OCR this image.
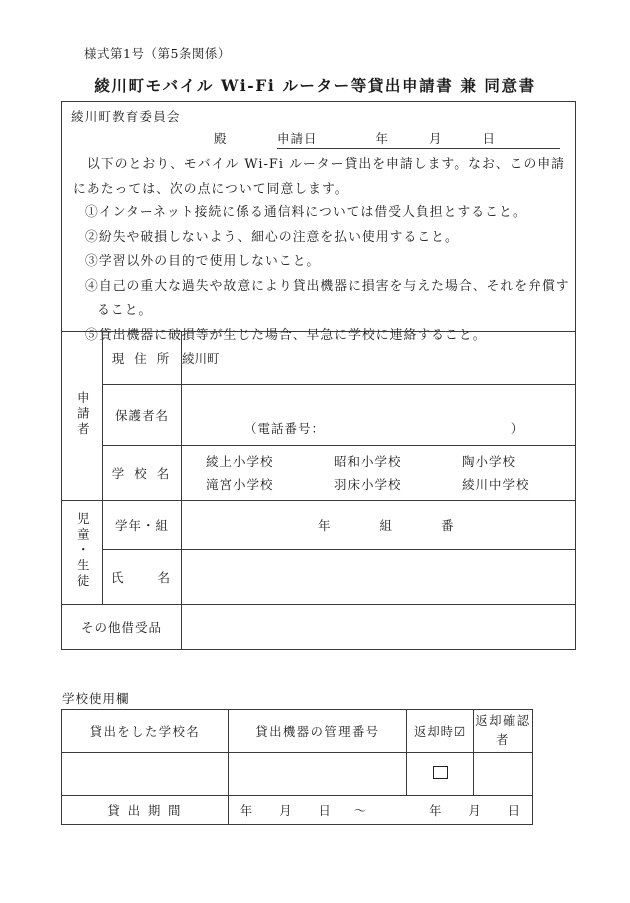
様式第1号（第5条関係）
綾川町モバイル Wi-Fi ルーター等貸出申請書 兼 同意書
綾川町教育委員会
殿	申請日	年	月	日
以下のとおり、モバイル Wi-Fi ルーター貸出を申請します。なお、この申請にあたっては、次の点について同意します。
①インターネット接続に係る通信料については借受人負担とすること。
②紛失や破損しないよう、細心の注意を払い使用すること。
③学習以外の目的で使用しないこと。
④自己の重大な過失や故意により貸出機器に損害を与えた場合、それを弁償す
ること。
⑤貸出機器に破損等が生じた場合、早急に学校に連絡すること。
申請者	現 住 所	綾川町
	保護者名	（電話番号： ）

	学 校 名	綾上小学校 昭和小学校 陶小学校
滝宮小学校 羽床小学校 綾川中学校

児童・生徒	学年・組	年 組 番

	氏　　名	
その他借受品		
学校使用欄
貸出をした学校名	貸出機器の管理番号	返却時☑	返却確認者

貸 出 期 間	年 月 日 ～ 年 月 日		
